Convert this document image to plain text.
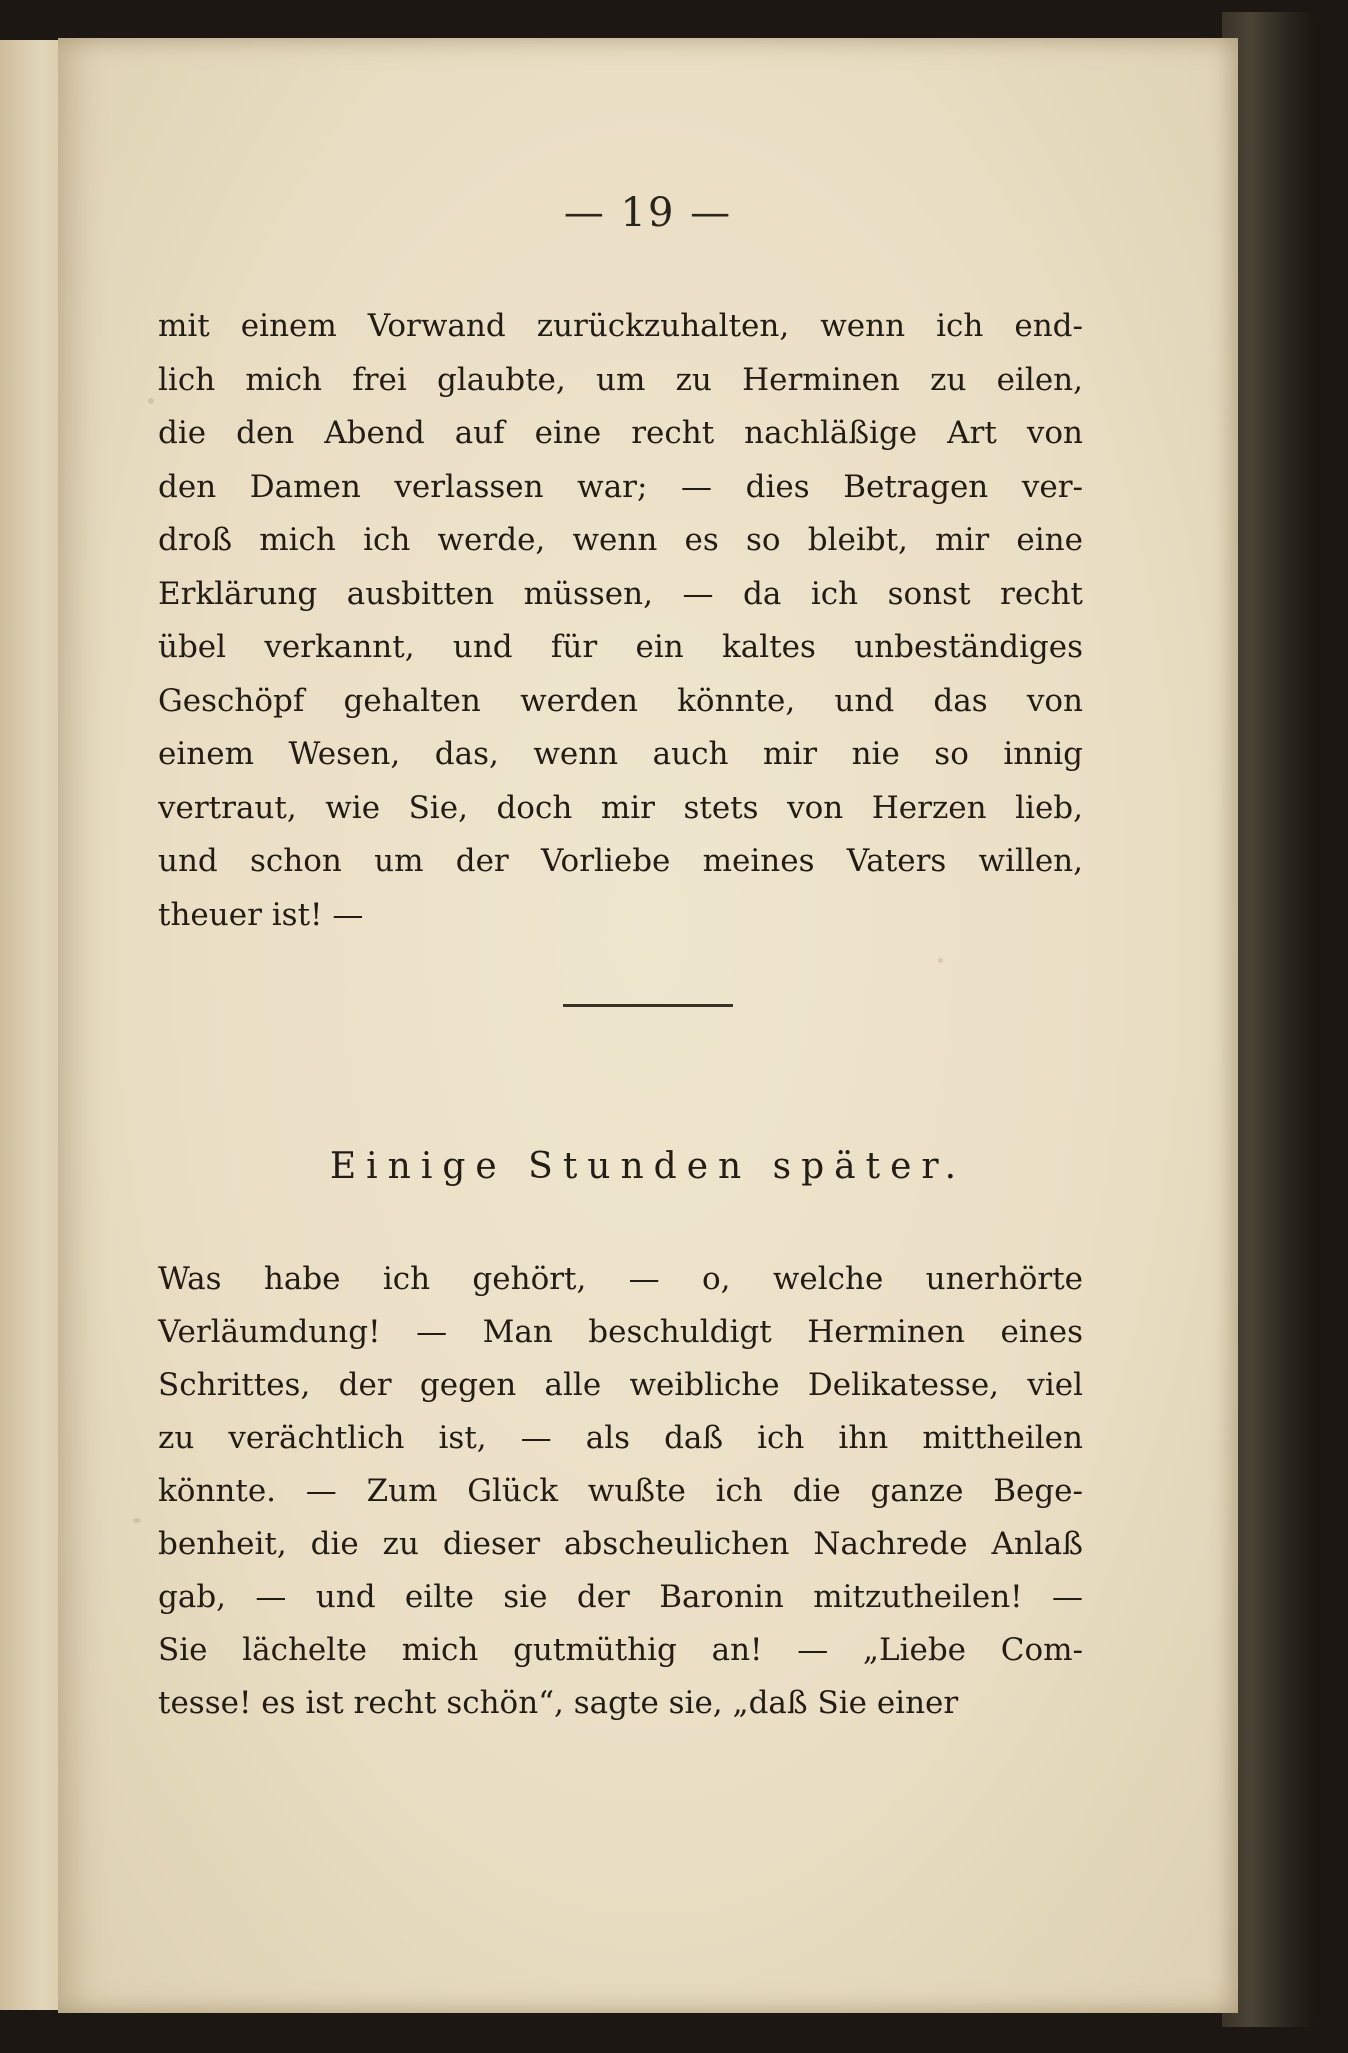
— 19 —
mit einem Vorwand zurückzuhalten, wenn ich end-
lich mich frei glaubte, um zu Herminen zu eilen,
die den Abend auf eine recht nachläßige Art von
den Damen verlassen war; — dies Betragen ver-
droß mich ich werde, wenn es so bleibt, mir eine
Erklärung ausbitten müssen, — da ich sonst recht
übel verkannt, und für ein kaltes unbeständiges
Geschöpf gehalten werden könnte, und das von
einem Wesen, das, wenn auch mir nie so innig
vertraut, wie Sie, doch mir stets von Herzen lieb,
und schon um der Vorliebe meines Vaters willen,
theuer ist! —
Einige Stunden später.
Was habe ich gehört, — o, welche unerhörte
Verläumdung! — Man beschuldigt Herminen eines
Schrittes, der gegen alle weibliche Delikatesse, viel
zu verächtlich ist, — als daß ich ihn mittheilen
könnte. — Zum Glück wußte ich die ganze Bege-
benheit, die zu dieser abscheulichen Nachrede Anlaß
gab, — und eilte sie der Baronin mitzutheilen! —
Sie lächelte mich gutmüthig an! — „Liebe Com-
tesse! es ist recht schön“, sagte sie, „daß Sie einer
